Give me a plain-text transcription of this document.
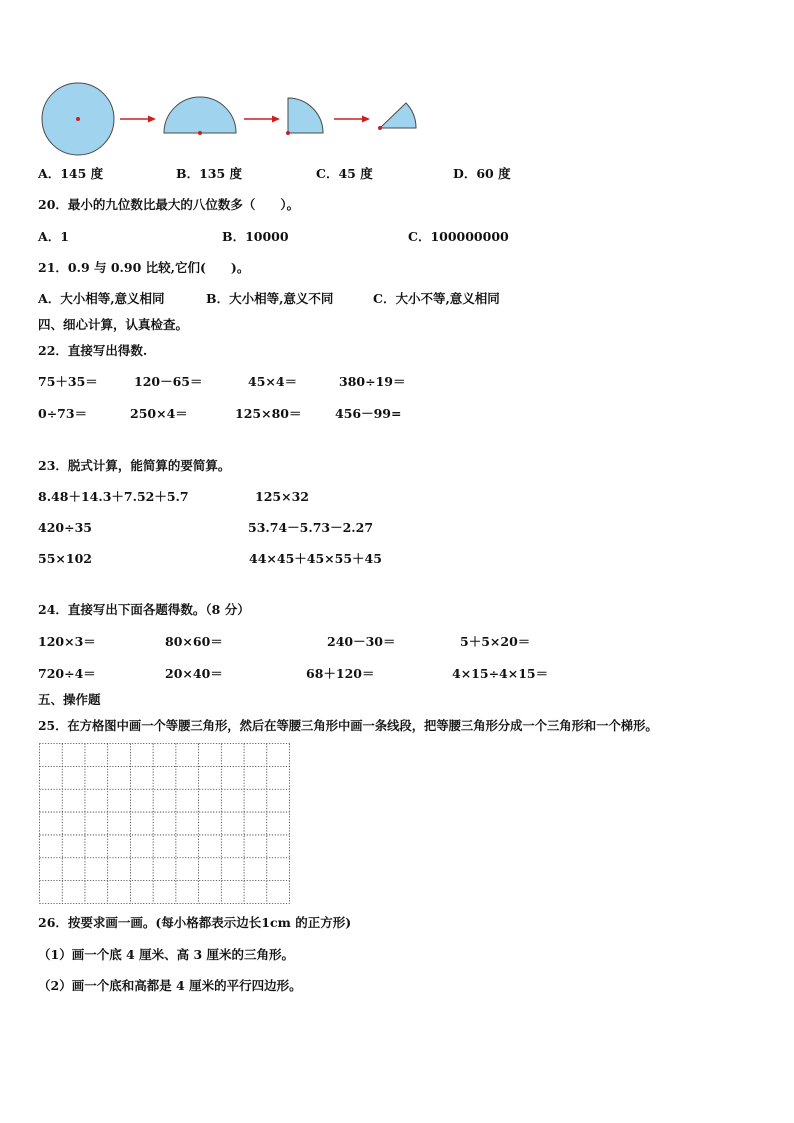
A．145 度	B．135 度	C．45 度	D．60 度
20．最小的九位数比最大的八位数多（　　）。
A．1	B．10000	C．100000000
21．0.9 与 0.90 比较,它们(　　)。
A．大小相等,意义相同	B．大小相等,意义不同	C．大小不等,意义相同
四、细心计算，认真检查。
22．直接写出得数.
75＋35＝	120－65＝	45×4＝	380÷19＝
0÷73＝	250×4＝	125×80＝	456－99=
23．脱式计算，能简算的要简算。
8.48＋14.3＋7.52＋5.7	125×32
420÷35	53.74－5.73－2.27
55×102	44×45＋45×55＋45
24．直接写出下面各题得数。（8 分）
120×3＝	80×60＝	240－30＝	5＋5×20＝
720÷4＝	20×40＝	68＋120＝	4×15÷4×15＝
五、操作题
25．在方格图中画一个等腰三角形，然后在等腰三角形中画一条线段，把等腰三角形分成一个三角形和一个梯形。
26．按要求画一画。(每小格都表示边长1cm 的正方形)
（1）画一个底 4 厘米、高 3 厘米的三角形。
（2）画一个底和高都是 4 厘米的平行四边形。
